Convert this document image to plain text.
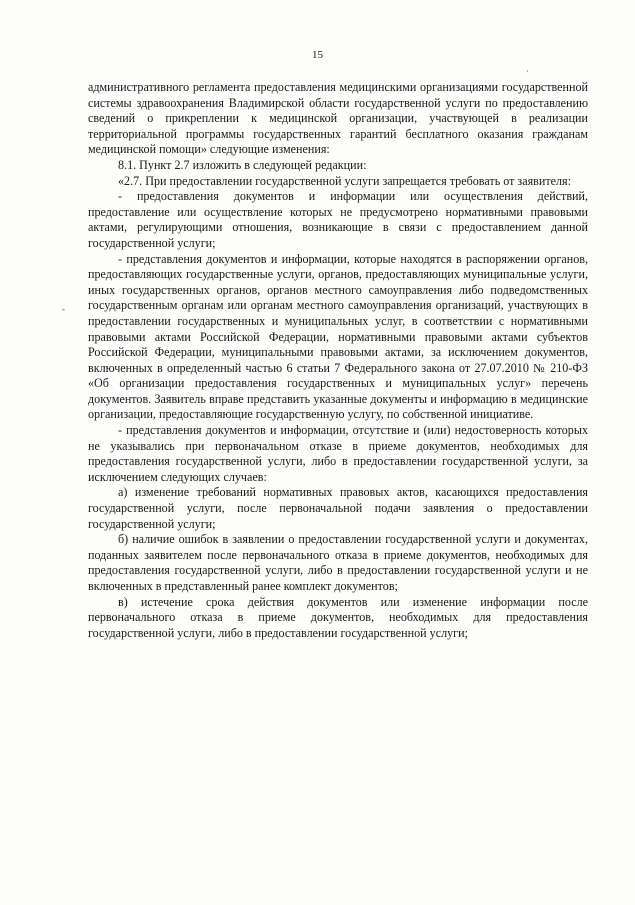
15

административного регламента предоставления медицинскими организациями государственной системы здравоохранения Владимирской области государственной услуги по предоставлению сведений о прикреплении к медицинской организации, участвующей в реализации территориальной программы государственных гарантий бесплатного оказания гражданам медицинской помощи» следующие изменения:

8.1. Пункт 2.7 изложить в следующей редакции:

«2.7. При предоставлении государственной услуги запрещается требовать от заявителя:

- предоставления документов и информации или осуществления действий, предоставление или осуществление которых не предусмотрено нормативными правовыми актами, регулирующими отношения, возникающие в связи с предоставлением данной государственной услуги;

- представления документов и информации, которые находятся в распоряжении органов, предоставляющих государственные услуги, органов, предоставляющих муниципальные услуги, иных государственных органов, органов местного самоуправления либо подведомственных государственным органам или органам местного самоуправления организаций, участвующих в предоставлении государственных и муниципальных услуг, в соответствии с нормативными правовыми актами Российской Федерации, нормативными правовыми актами субъектов Российской Федерации, муниципальными правовыми актами, за исключением документов, включенных в определенный частью 6 статьи 7 Федерального закона от 27.07.2010 № 210-ФЗ «Об организации предоставления государственных и муниципальных услуг» перечень документов. Заявитель вправе представить указанные документы и информацию в медицинские организации, предоставляющие государственную услугу, по собственной инициативе.

- представления документов и информации, отсутствие и (или) недостоверность которых не указывались при первоначальном отказе в приеме документов, необходимых для предоставления государственной услуги, либо в предоставлении государственной услуги, за исключением следующих случаев:

а) изменение требований нормативных правовых актов, касающихся предоставления государственной услуги, после первоначальной подачи заявления о предоставлении государственной услуги;

б) наличие ошибок в заявлении о предоставлении государственной услуги и документах, поданных заявителем после первоначального отказа в приеме документов, необходимых для предоставления государственной услуги, либо в предоставлении государственной услуги и не включенных в представленный ранее комплект документов;

в) истечение срока действия документов или изменение информации после первоначального отказа в приеме документов, необходимых для предоставления государственной услуги, либо в предоставлении государственной услуги;

·
-
